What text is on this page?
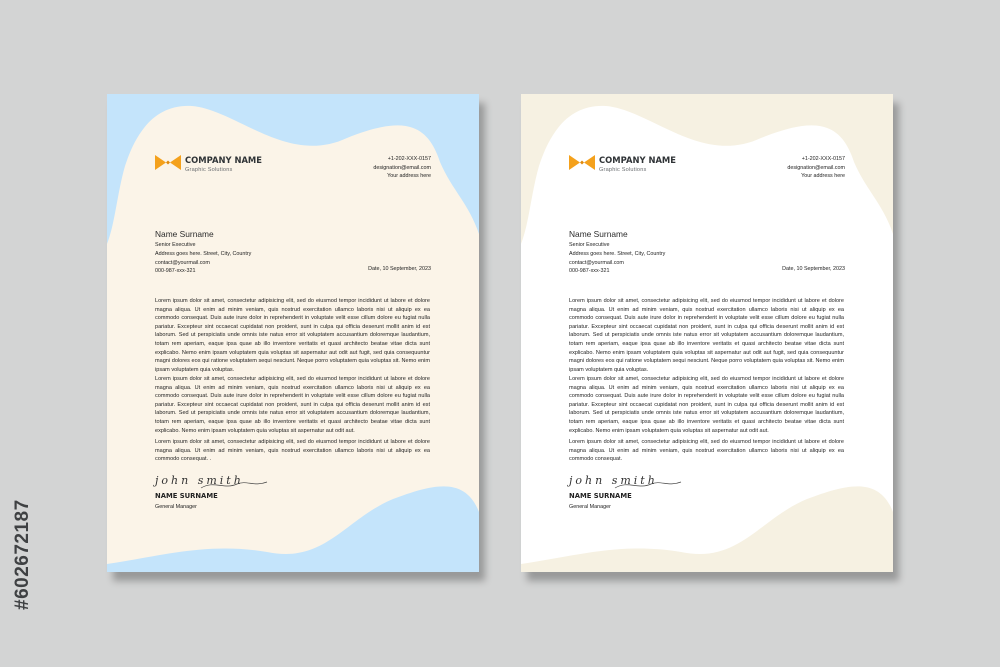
COMPANY NAME
Graphic Solutions
+1-202-XXX-0157
designation@email.com
Your address here
Name Surname
Senior Executive
Address goes here. Street, City, Country
contact@yourmail.com
000-987-xxx-321	Date, 10 September, 2023

Lorem ipsum dolor sit amet, consectetur adipisicing elit, sed do eiusmod tempor incididunt ut labore et dolore magna aliqua. Ut enim ad minim veniam, quis nostrud exercitation ullamco laboris nisi ut aliquip ex ea commodo consequat. Duis aute irure dolor in reprehenderit in voluptate velit esse cillum dolore eu fugiat nulla pariatur. Excepteur sint occaecat cupidatat non proident, sunt in culpa qui officia deserunt mollit anim id est laborum. Sed ut perspiciatis unde omnis iste natus error sit voluptatem accusantium doloremque laudantium, totam rem aperiam, eaque ipsa quae ab illo inventore veritatis et quasi architecto beatae vitae dicta sunt explicabo. Nemo enim ipsam voluptatem quia voluptas sit aspernatur aut odit aut fugit, sed quia consequuntur magni dolores eos qui ratione voluptatem sequi nesciunt. Neque porro voluptatem quia voluptas sit. Nemo enim ipsam voluptatem quia voluptas.

Lorem ipsum dolor sit amet, consectetur adipisicing elit, sed do eiusmod tempor incididunt ut labore et dolore magna aliqua. Ut enim ad minim veniam, quis nostrud exercitation ullamco laboris nisi ut aliquip ex ea commodo consequat. Duis aute irure dolor in reprehenderit in voluptate velit esse cillum dolore eu fugiat nulla pariatur. Excepteur sint occaecat cupidatat non proident, sunt in culpa qui officia deserunt mollit anim id est laborum. Sed ut perspiciatis unde omnis iste natus error sit voluptatem accusantium doloremque laudantium, totam rem aperiam, eaque ipsa quae ab illo inventore veritatis et quasi architecto beatae vitae dicta sunt explicabo. Nemo enim ipsam voluptatem quia voluptas sit aspernatur aut odit aut.

Lorem ipsum dolor sit amet, consectetur adipisicing elit, sed do eiusmod tempor incididunt ut labore et dolore magna aliqua. Ut enim ad minim veniam, quis nostrud exercitation ullamco laboris nisi ut aliquip ex ea commodo consequat. .

john smith
NAME SURNAME
General Manager
COMPANY NAME
Graphic Solutions
+1-202-XXX-0157
designation@email.com
Your address here
Name Surname
Senior Executive
Address goes here. Street, City, Country
contact@yourmail.com
000-987-xxx-321	Date, 10 September, 2023

Lorem ipsum dolor sit amet, consectetur adipisicing elit, sed do eiusmod tempor incididunt ut labore et dolore magna aliqua. Ut enim ad minim veniam, quis nostrud exercitation ullamco laboris nisi ut aliquip ex ea commodo consequat. Duis aute irure dolor in reprehenderit in voluptate velit esse cillum dolore eu fugiat nulla pariatur. Excepteur sint occaecat cupidatat non proident, sunt in culpa qui officia deserunt mollit anim id est laborum. Sed ut perspiciatis unde omnis iste natus error sit voluptatem accusantium doloremque laudantium, totam rem aperiam, eaque ipsa quae ab illo inventore veritatis et quasi architecto beatae vitae dicta sunt explicabo. Nemo enim ipsam voluptatem quia voluptas sit aspernatur aut odit aut fugit, sed quia consequuntur magni dolores eos qui ratione voluptatem sequi nesciunt. Neque porro voluptatem quia voluptas sit. Nemo enim ipsam voluptatem quia voluptas.

Lorem ipsum dolor sit amet, consectetur adipisicing elit, sed do eiusmod tempor incididunt ut labore et dolore magna aliqua. Ut enim ad minim veniam, quis nostrud exercitation ullamco laboris nisi ut aliquip ex ea commodo consequat. Duis aute irure dolor in reprehenderit in voluptate velit esse cillum dolore eu fugiat nulla pariatur. Excepteur sint occaecat cupidatat non proident, sunt in culpa qui officia deserunt mollit anim id est laborum. Sed ut perspiciatis unde omnis iste natus error sit voluptatem accusantium doloremque laudantium, totam rem aperiam, eaque ipsa quae ab illo inventore veritatis et quasi architecto beatae vitae dicta sunt explicabo. Nemo enim ipsam voluptatem quia voluptas sit aspernatur aut odit aut.

Lorem ipsum dolor sit amet, consectetur adipisicing elit, sed do eiusmod tempor incididunt ut labore et dolore magna aliqua. Ut enim ad minim veniam, quis nostrud exercitation ullamco laboris nisi ut aliquip ex ea commodo consequat.

john smith
NAME SURNAME
General Manager
#602672187
